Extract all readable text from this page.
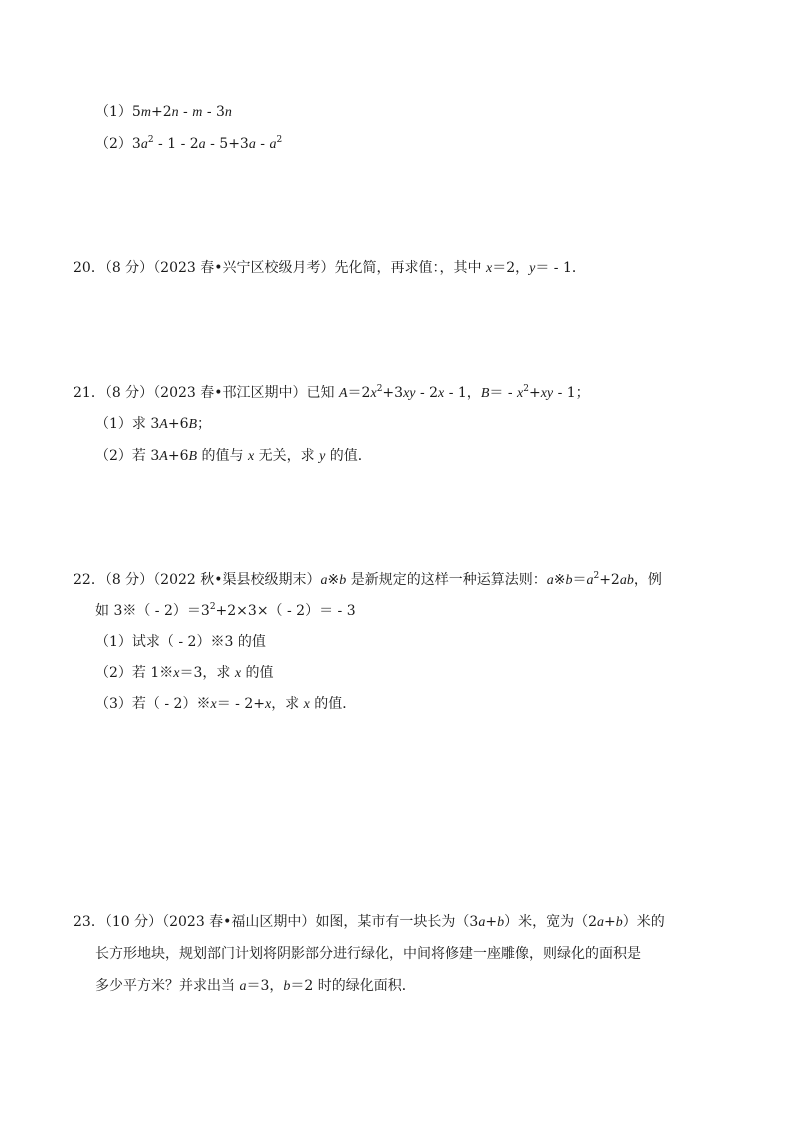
（1）5m+2n - m - 3n
$(2)3a^2 - 1 - 2a - 5+3a - a^2$
20．（8 分）（2023 春•兴宁区校级月考）先化简，再求值：，其中 x＝2，y＝ - 1．
21．（8 分）（2023 春•邗江区期中）已知 $A=2x^2+3xy - 2x - 1$，$B= - x^2+xy - 1$；
（1）求 3A+6B；
（2）若 3A+6B 的值与 x 无关，求 y 的值．
22．（8 分）（2022 秋•渠县校级期末）a※b 是新规定的这样一种运算法则：$a※b=a^2+2ab$，例
如 3※（ - $2)=3^2+2\times 3\times( - 2)= - 3$
（1）试求（ - 2）※3 的值
（2）若 1※x＝3，求 x 的值
（3）若（ - 2）※x＝ - 2+x，求 x 的值．
23．（10 分）（2023 春•福山区期中）如图，某市有一块长为（3a+b）米，宽为（2a+b）米的
长方形地块，规划部门计划将阴影部分进行绿化，中间将修建一座雕像，则绿化的面积是
多少平方米？并求出当 a＝3，b＝2 时的绿化面积．
